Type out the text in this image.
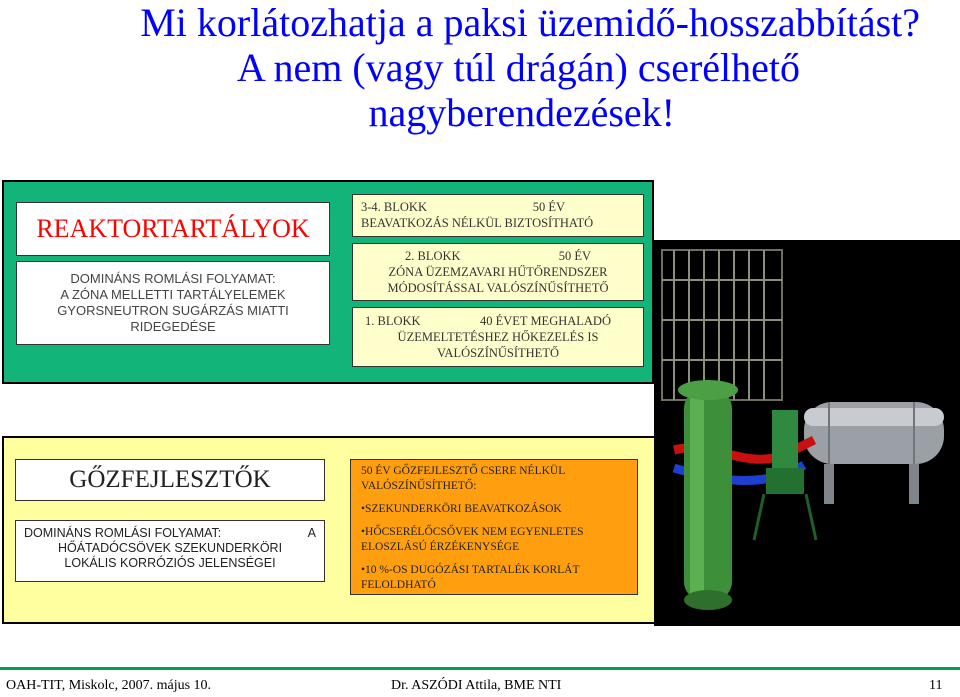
Mi korlátozhatja a paksi üzemidő-hosszabbítást?
A nem (vagy túl drágán) cserélhető
nagyberendezések!
REAKTORTARTÁLYOK
DOMINÁNS ROMLÁSI FOLYAMAT:
A ZÓNA MELLETTI TARTÁLYELEMEK
GYORSNEUTRON SUGÁRZÁS MIATTI
RIDEGEDÉSE
3-4. BLOKK	50 ÉV
BEAVATKOZÁS NÉLKÜL BIZTOSÍTHATÓ
2. BLOKK	50 ÉV
ZÓNA ÜZEMZAVARI HŰTŐRENDSZER
MÓDOSÍTÁSSAL VALÓSZÍNŰSÍTHETŐ
1. BLOKK	40 ÉVET MEGHALADÓ
ÜZEMELTETÉSHEZ HŐKEZELÉS IS
VALÓSZÍNŰSÍTHETŐ
GŐZFEJLESZTŐK
DOMINÁNS ROMLÁSI FOLYAMAT:	A
HŐÁTADÓCSÖVEK SZEKUNDERKÖRI
LOKÁLIS KORRÓZIÓS JELENSÉGEI

50 ÉV GŐZFEJLESZTŐ CSERE NÉLKÜL VALÓSZÍNŰSÍTHETŐ:

•SZEKUNDERKÖRI BEAVATKOZÁSOK

•HŐCSERÉLŐCSŐVEK NEM EGYENLETES ELOSZLÁSÚ ÉRZÉKENYSÉGE

•10 %-OS DUGÓZÁSI TARTALÉK KORLÁT FELOLDHATÓ

OAH-TIT, Miskolc, 2007. május 10.	Dr. ASZÓDI Attila, BME NTI	11
